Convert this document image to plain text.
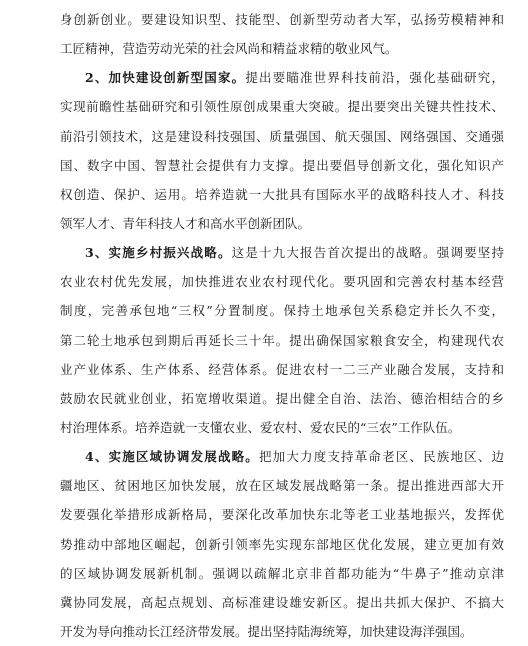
身创新创业。要建设知识型、技能型、创新型劳动者大军，弘扬劳模精神和
工匠精神，营造劳动光荣的社会风尚和精益求精的敬业风气。
2、加快建设创新型国家。提出要瞄准世界科技前沿，强化基础研究，
实现前瞻性基础研究和引领性原创成果重大突破。提出要突出关键共性技术、
前沿引领技术，这是建设科技强国、质量强国、航天强国、网络强国、交通强
国、数字中国、智慧社会提供有力支撑。提出要倡导创新文化，强化知识产
权创造、保护、运用。培养造就一大批具有国际水平的战略科技人才、科技
领军人才、青年科技人才和高水平创新团队。
3、实施乡村振兴战略。这是十九大报告首次提出的战略。强调要坚持
农业农村优先发展，加快推进农业农村现代化。要巩固和完善农村基本经营
制度，完善承包地“三权”分置制度。保持土地承包关系稳定并长久不变，
第二轮土地承包到期后再延长三十年。提出确保国家粮食安全，构建现代农
业产业体系、生产体系、经营体系。促进农村一二三产业融合发展，支持和
鼓励农民就业创业，拓宽增收渠道。提出健全自治、法治、德治相结合的乡
村治理体系。培养造就一支懂农业、爱农村、爱农民的“三农”工作队伍。
4、实施区域协调发展战略。把加大力度支持革命老区、民族地区、边
疆地区、贫困地区加快发展，放在区域发展战略第一条。提出推进西部大开
发要强化举措形成新格局，要深化改革加快东北等老工业基地振兴，发挥优
势推动中部地区崛起，创新引领率先实现东部地区优化发展，建立更加有效
的区域协调发展新机制。强调以疏解北京非首都功能为“牛鼻子”推动京津
冀协同发展，高起点规划、高标准建设雄安新区。提出共抓大保护、不搞大
开发为导向推动长江经济带发展。提出坚持陆海统筹，加快建设海洋强国。
